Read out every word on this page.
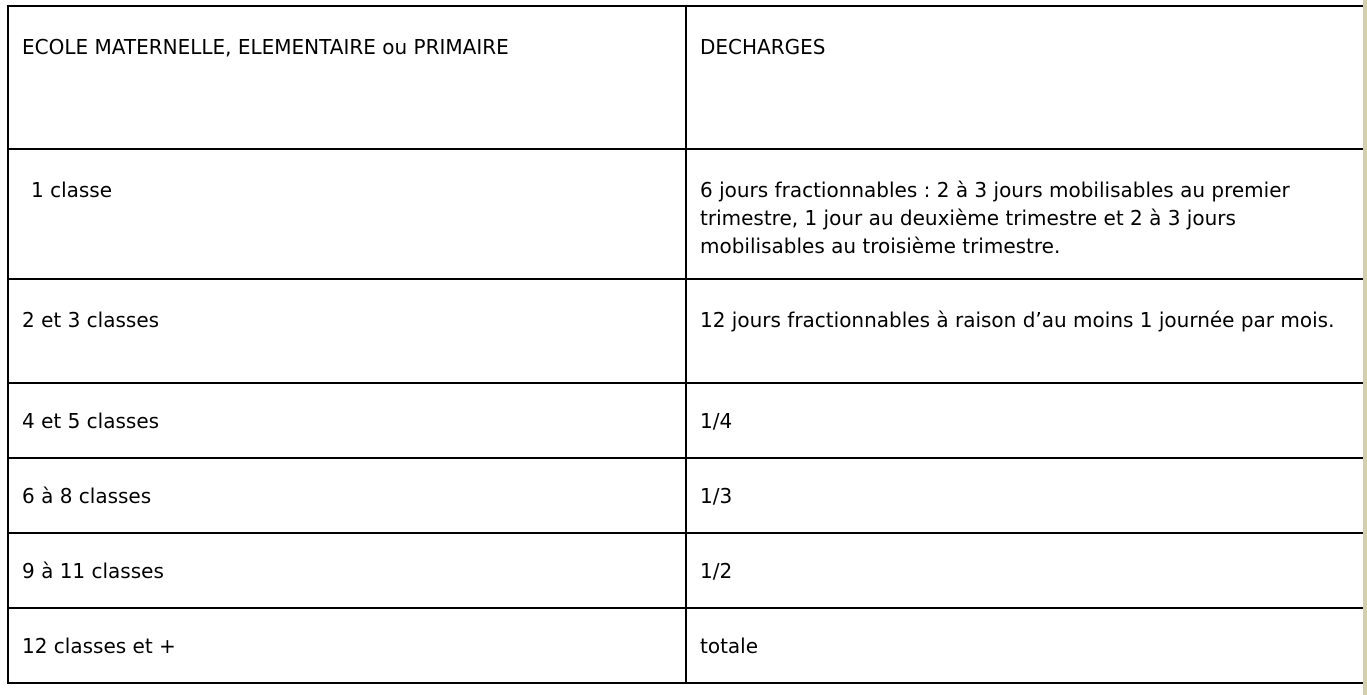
ECOLE MATERNELLE, ELEMENTAIRE ou PRIMAIRE	DECHARGES
1 classe	6 jours fractionnables : 2 à 3 jours mobilisables au premier trimestre, 1 jour au deuxième trimestre et 2 à 3 jours mobilisables au troisième trimestre.
2 et 3 classes	12 jours fractionnables à raison d’au moins 1 journée par mois.
4 et 5 classes	1/4
6 à 8 classes	1/3
9 à 11 classes	1/2
12 classes et +	totale
